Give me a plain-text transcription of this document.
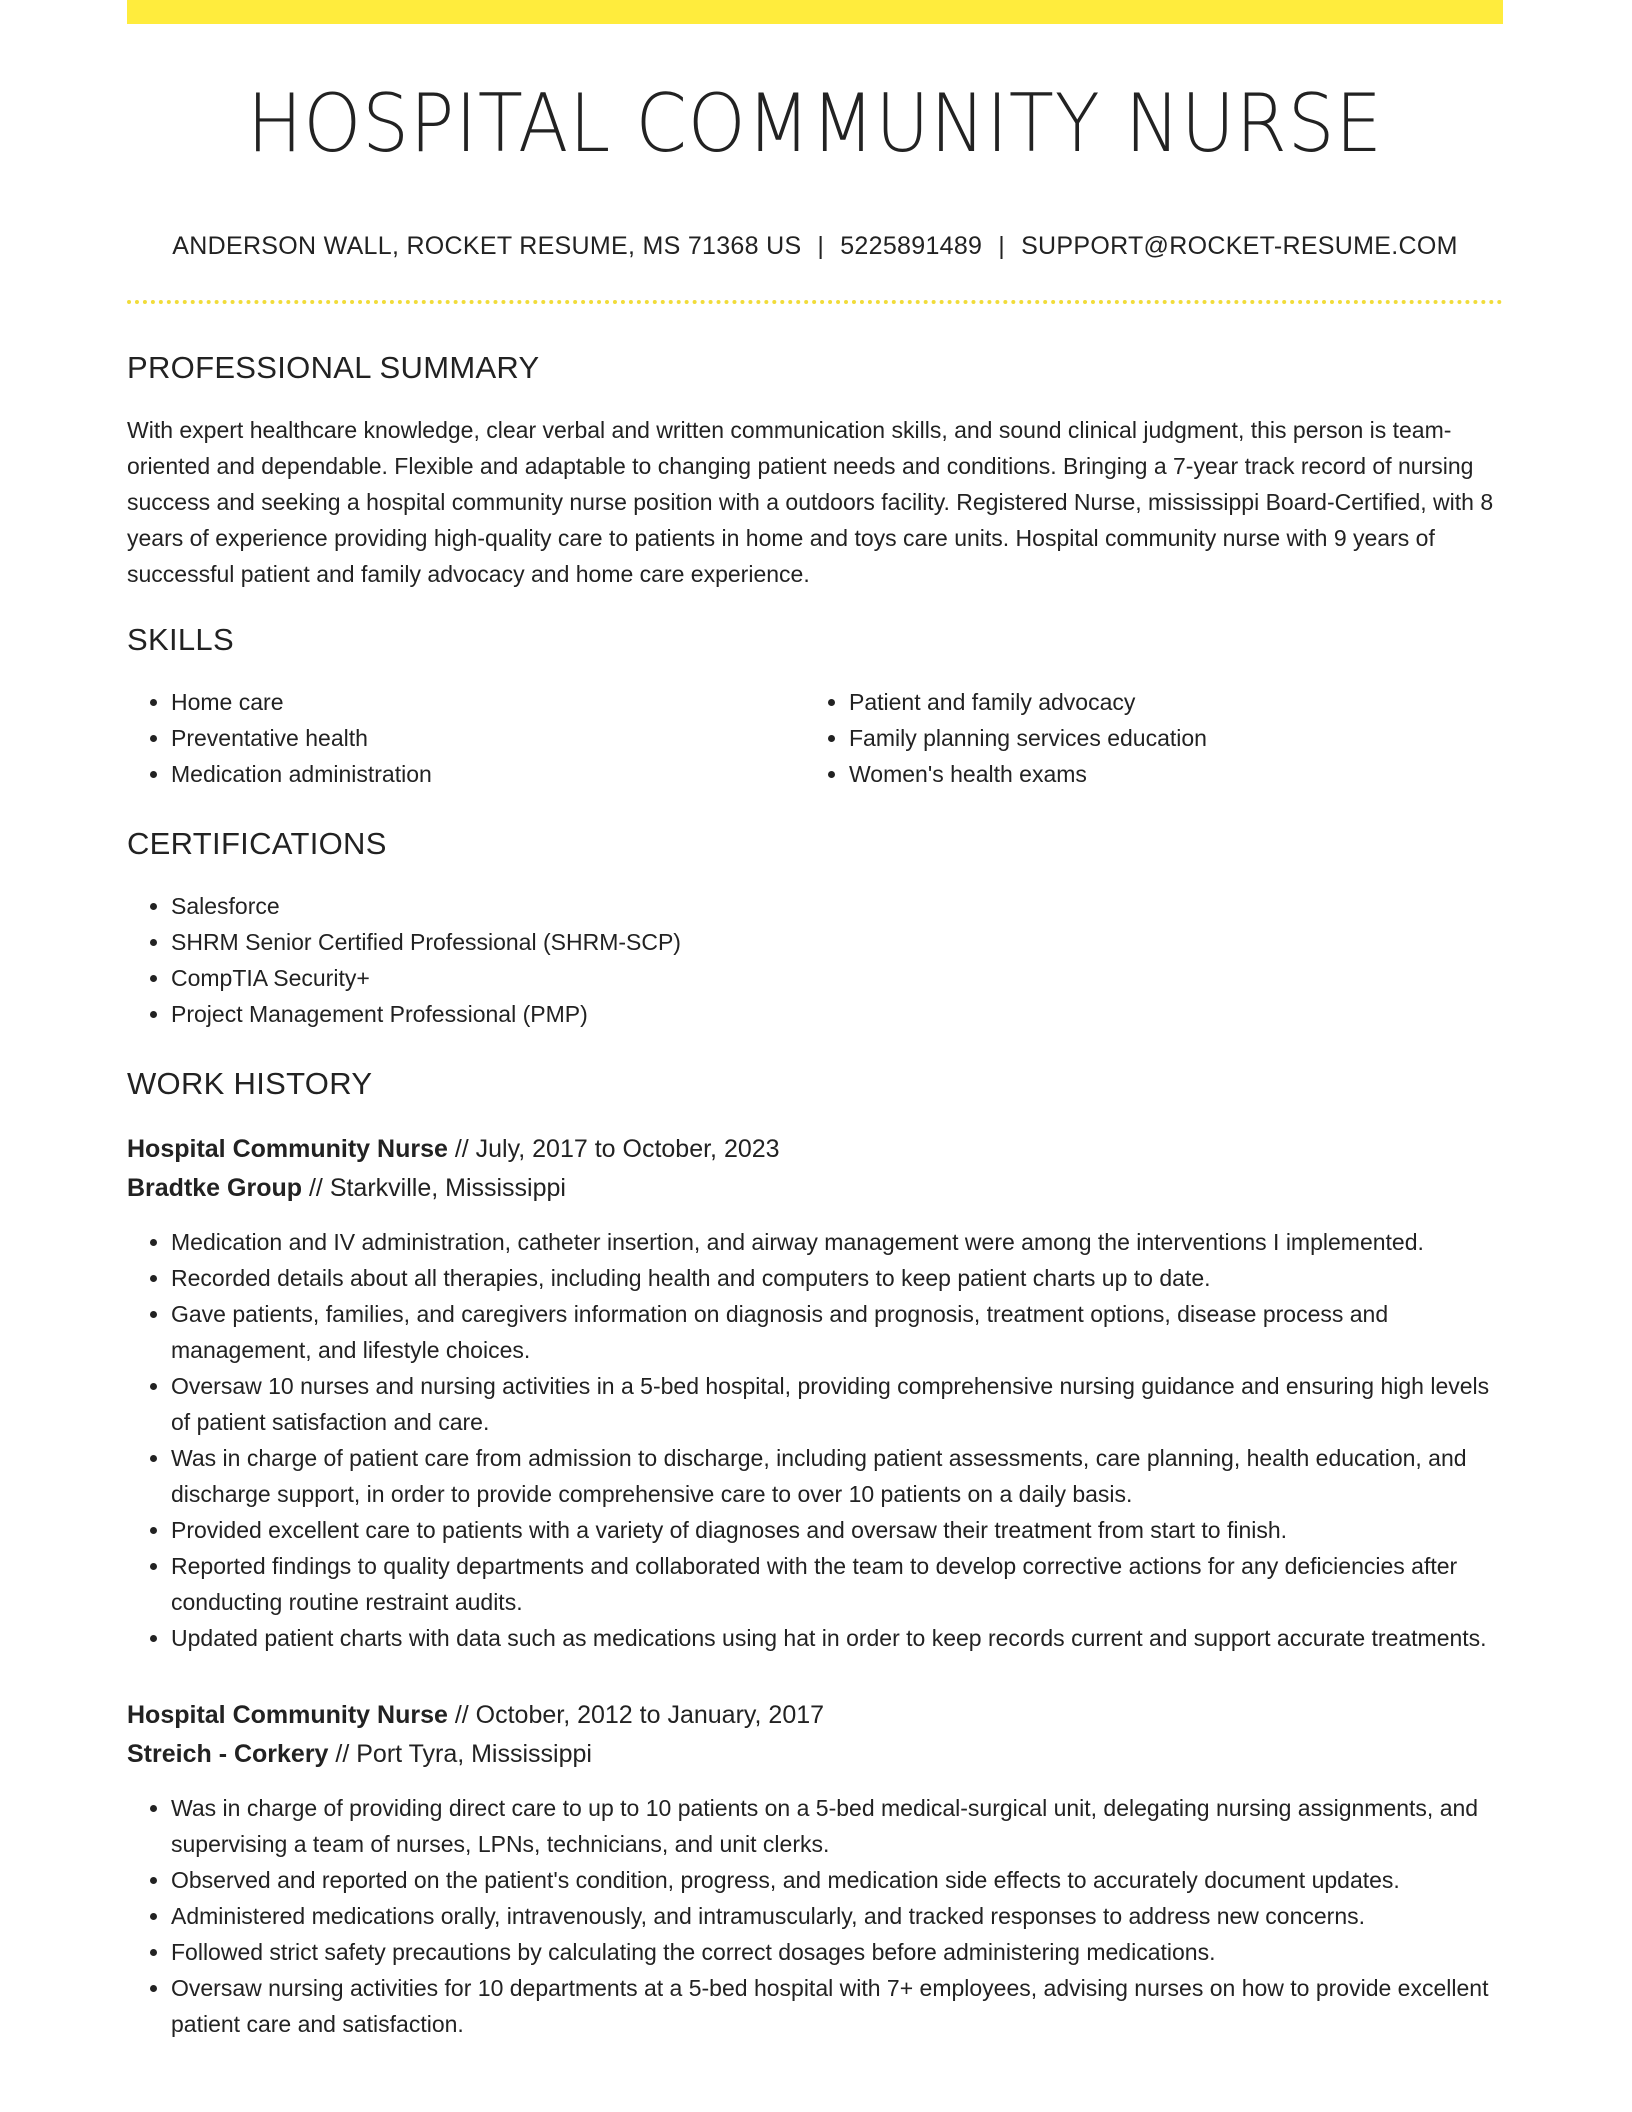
HOSPITAL COMMUNITY NURSE
ANDERSON WALL, ROCKET RESUME, MS 71368 US | 5225891489 | SUPPORT@ROCKET-RESUME.COM
PROFESSIONAL SUMMARY
With expert healthcare knowledge, clear verbal and written communication skills, and sound clinical judgment, this person is team-oriented and dependable. Flexible and adaptable to changing patient needs and conditions. Bringing a 7-year track record of nursing success and seeking a hospital community nurse position with a outdoors facility. Registered Nurse, mississippi Board-Certified, with 8 years of experience providing high-quality care to patients in home and toys care units. Hospital community nurse with 9 years of successful patient and family advocacy and home care experience.
SKILLS
• Home care
• Preventative health
• Medication administration
• Patient and family advocacy
• Family planning services education
• Women's health exams
CERTIFICATIONS
• Salesforce
• SHRM Senior Certified Professional (SHRM-SCP)
• CompTIA Security+
• Project Management Professional (PMP)
WORK HISTORY
Hospital Community Nurse // July, 2017 to October, 2023
Bradtke Group // Starkville, Mississippi
• Medication and IV administration, catheter insertion, and airway management were among the interventions I implemented.
• Recorded details about all therapies, including health and computers to keep patient charts up to date.
• Gave patients, families, and caregivers information on diagnosis and prognosis, treatment options, disease process and management, and lifestyle choices.
• Oversaw 10 nurses and nursing activities in a 5-bed hospital, providing comprehensive nursing guidance and ensuring high levels of patient satisfaction and care.
• Was in charge of patient care from admission to discharge, including patient assessments, care planning, health education, and discharge support, in order to provide comprehensive care to over 10 patients on a daily basis.
• Provided excellent care to patients with a variety of diagnoses and oversaw their treatment from start to finish.
• Reported findings to quality departments and collaborated with the team to develop corrective actions for any deficiencies after conducting routine restraint audits.
• Updated patient charts with data such as medications using hat in order to keep records current and support accurate treatments.
Hospital Community Nurse // October, 2012 to January, 2017
Streich - Corkery // Port Tyra, Mississippi
• Was in charge of providing direct care to up to 10 patients on a 5-bed medical-surgical unit, delegating nursing assignments, and supervising a team of nurses, LPNs, technicians, and unit clerks.
• Observed and reported on the patient's condition, progress, and medication side effects to accurately document updates.
• Administered medications orally, intravenously, and intramuscularly, and tracked responses to address new concerns.
• Followed strict safety precautions by calculating the correct dosages before administering medications.
• Oversaw nursing activities for 10 departments at a 5-bed hospital with 7+ employees, advising nurses on how to provide excellent patient care and satisfaction.
